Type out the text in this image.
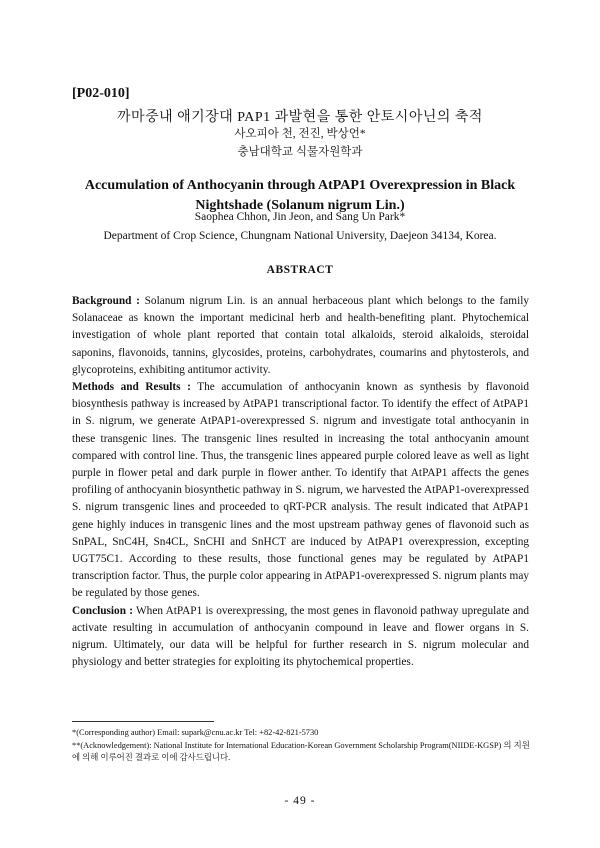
[P02-010]
까마중내 애기장대 PAP1 과발현을 통한 안토시아닌의 축적
사오피아 천, 전진, 박상언*
충남대학교 식물자원학과
Accumulation of Anthocyanin through AtPAP1 Overexpression in Black Nightshade (Solanum nigrum Lin.)
Saophea Chhon, Jin Jeon, and Sang Un Park*
Department of Crop Science, Chungnam National University, Daejeon 34134, Korea.
ABSTRACT

Background : Solanum nigrum Lin. is an annual herbaceous plant which belongs to the family Solanaceae as known the important medicinal herb and health-benefiting plant. Phytochemical investigation of whole plant reported that contain total alkaloids, steroid alkaloids, steroidal saponins, flavonoids, tannins, glycosides, proteins, carbohydrates, coumarins and phytosterols, and glycoproteins, exhibiting antitumor activity.

Methods and Results : The accumulation of anthocyanin known as synthesis by flavonoid biosynthesis pathway is increased by AtPAP1 transcriptional factor. To identify the effect of AtPAP1 in S. nigrum, we generate AtPAP1-overexpressed S. nigrum and investigate total anthocyanin in these transgenic lines. The transgenic lines resulted in increasing the total anthocyanin amount compared with control line. Thus, the transgenic lines appeared purple colored leave as well as light purple in flower petal and dark purple in flower anther. To identify that AtPAP1 affects the genes profiling of anthocyanin biosynthetic pathway in S. nigrum, we harvested the AtPAP1-overexpressed S. nigrum transgenic lines and proceeded to qRT-PCR analysis. The result indicated that AtPAP1 gene highly induces in transgenic lines and the most upstream pathway genes of flavonoid such as SnPAL, SnC4H, Sn4CL, SnCHI and SnHCT are induced by AtPAP1 overexpression, excepting UGT75C1. According to these results, those functional genes may be regulated by AtPAP1 transcription factor. Thus, the purple color appearing in AtPAP1-overexpressed S. nigrum plants may be regulated by those genes.

Conclusion : When AtPAP1 is overexpressing, the most genes in flavonoid pathway upregulate and activate resulting in accumulation of anthocyanin compound in leave and flower organs in S. nigrum. Ultimately, our data will be helpful for further research in S. nigrum molecular and physiology and better strategies for exploiting its phytochemical properties.

*(Corresponding author) Email: supark@cnu.ac.kr Tel: +82-42-821-5730
**(Acknowledgement): National Institute for International Education-Korean Government Scholarship Program(NIIDE-KGSP) 의 지원에 의해 이루어진 결과로 이에 감사드립니다.
- 49 -
